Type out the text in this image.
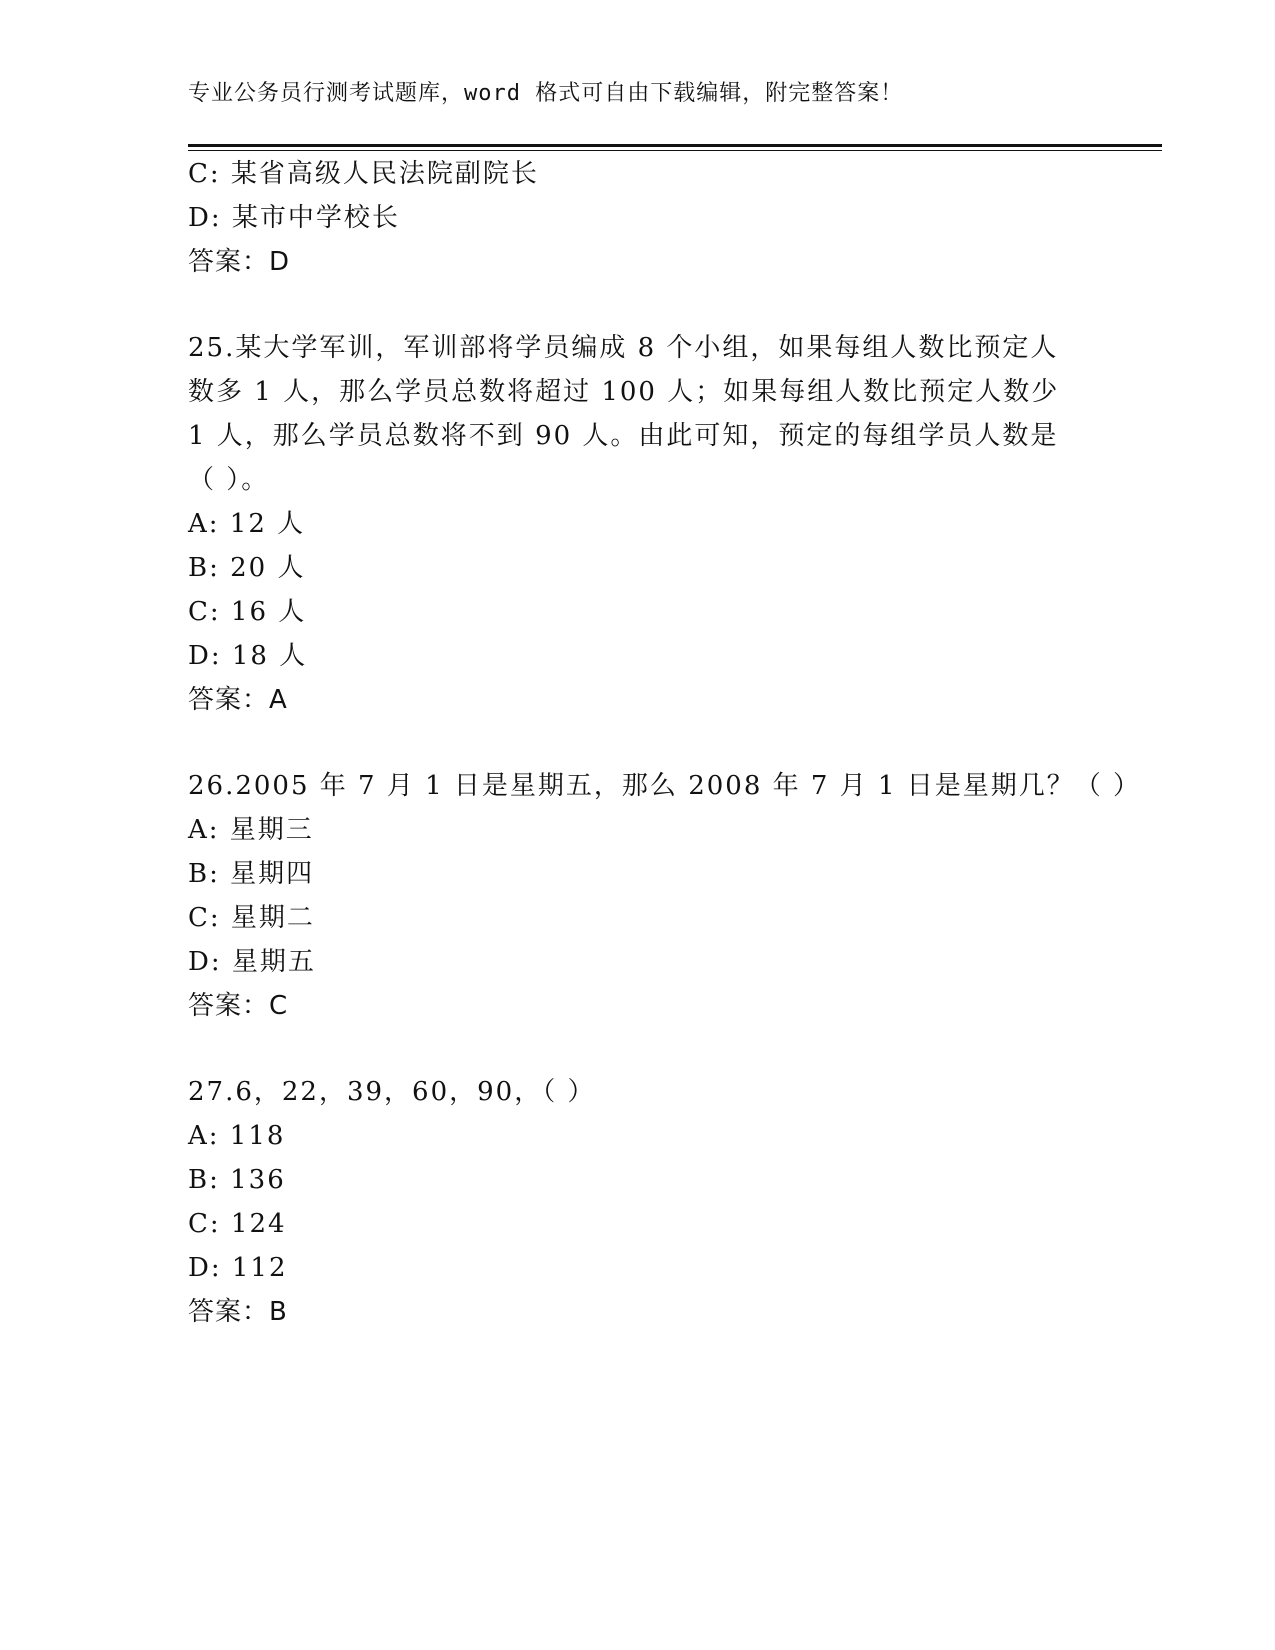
专业公务员行测考试题库，word 格式可自由下载编辑，附完整答案！
C: 某省高级人民法院副院长
D: 某市中学校长
答案：D
25.某大学军训，军训部将学员编成 8 个小组，如果每组人数比预定人
数多 1 人，那么学员总数将超过 100 人；如果每组人数比预定人数少
1 人，那么学员总数将不到 90 人。由此可知，预定的每组学员人数是
（ ）。
A: 12 人
B: 20 人
C: 16 人
D: 18 人
答案：A
26.2005 年 7 月 1 日是星期五，那么 2008 年 7 月 1 日是星期几？（ ）
A: 星期三
B: 星期四
C: 星期二
D: 星期五
答案：C
27.6，22，39，60，90，（ ）
A: 118
B: 136
C: 124
D: 112
答案：B
